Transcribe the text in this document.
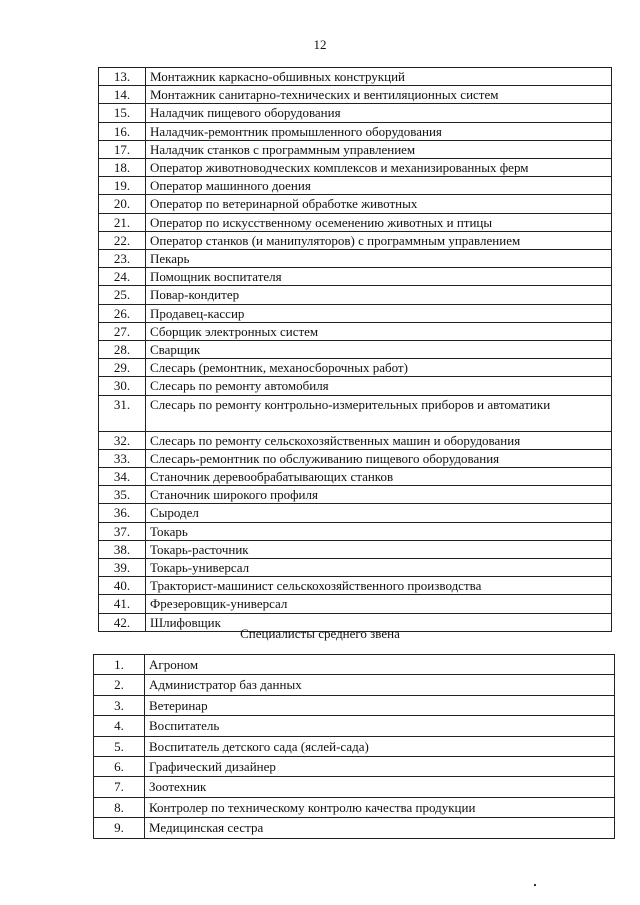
12
13.	Монтажник каркасно-обшивных конструкций
14.	Монтажник санитарно-технических и вентиляционных систем
15.	Наладчик пищевого оборудования
16.	Наладчик-ремонтник промышленного оборудования
17.	Наладчик станков с программным управлением
18.	Оператор животноводческих комплексов и механизированных ферм
19.	Оператор машинного доения
20.	Оператор по ветеринарной обработке животных
21.	Оператор по искусственному осеменению животных и птицы
22.	Оператор станков (и манипуляторов) с программным управлением
23.	Пекарь
24.	Помощник воспитателя
25.	Повар-кондитер
26.	Продавец-кассир
27.	Сборщик электронных систем
28.	Сварщик
29.	Слесарь (ремонтник, механосборочных работ)
30.	Слесарь по ремонту автомобиля
31.	Слесарь по ремонту контрольно-измерительных приборов и автоматики
32.	Слесарь по ремонту сельскохозяйственных машин и оборудования
33.	Слесарь-ремонтник по обслуживанию пищевого оборудования
34.	Станочник деревообрабатывающих станков
35.	Станочник широкого профиля
36.	Сыродел
37.	Токарь
38.	Токарь-расточник
39.	Токарь-универсал
40.	Тракторист-машинист сельскохозяйственного производства
41.	Фрезеровщик-универсал
42.	Шлифовщик
Специалисты среднего звена
1.	Агроном
2.	Администратор баз данных
3.	Ветеринар
4.	Воспитатель
5.	Воспитатель детского сада (яслей-сада)
6.	Графический дизайнер
7.	Зоотехник
8.	Контролер по техническому контролю качества продукции
9.	Медицинская сестра
